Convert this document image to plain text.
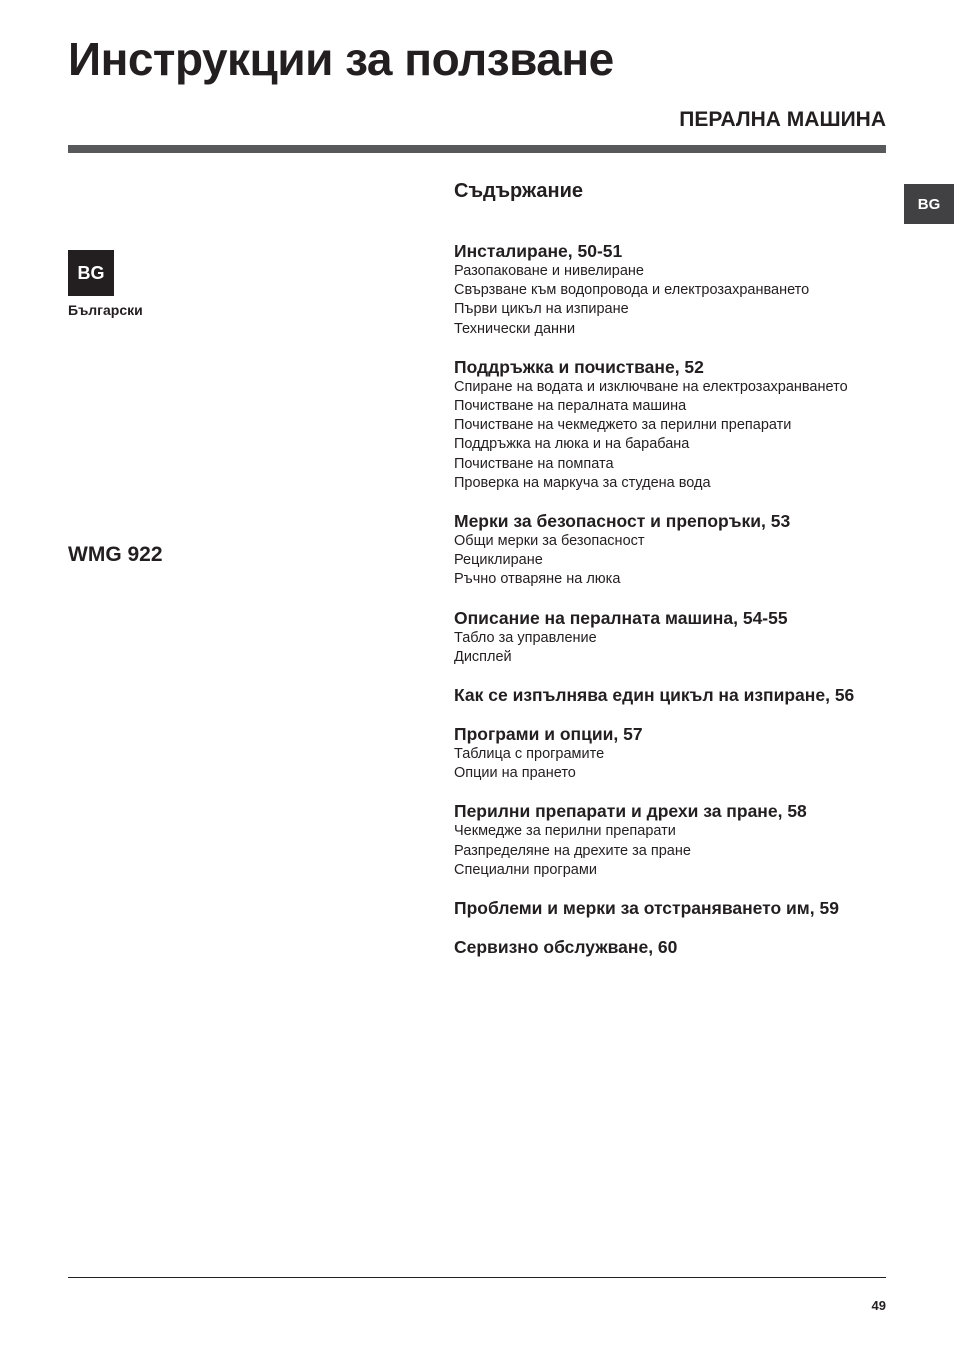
Инструкции за ползване
ПЕРАЛНА МАШИНА
BG
BG
Български
WMG 922
Съдържание
Инсталиране, 50-51
Разопаковане и нивелиране
Свързване към водопровода и електрозахранването
Първи цикъл на изпиране
Технически данни
Поддръжка и почистване, 52
Спиране на водата и изключване на електрозахранването
Почистване на пералната машина
Почистване на чекмеджето за перилни препарати
Поддръжка на люка и на барабана
Почистване на помпата
Проверка на маркуча за студена вода
Мерки за безопасност и препоръки, 53
Общи мерки за безопасност
Рециклиране
Ръчно отваряне на люка
Описание на пералната машина, 54-55
Табло за управление
Дисплей
Как се изпълнява един цикъл на изпиране, 56
Програми и опции, 57
Таблица с програмите
Опции на прането
Перилни препарати и дрехи за пране, 58
Чекмедже за перилни препарати
Разпределяне на дрехите за пране
Специални програми
Проблеми и мерки за отстраняването им, 59
Сервизно обслужване, 60
49
